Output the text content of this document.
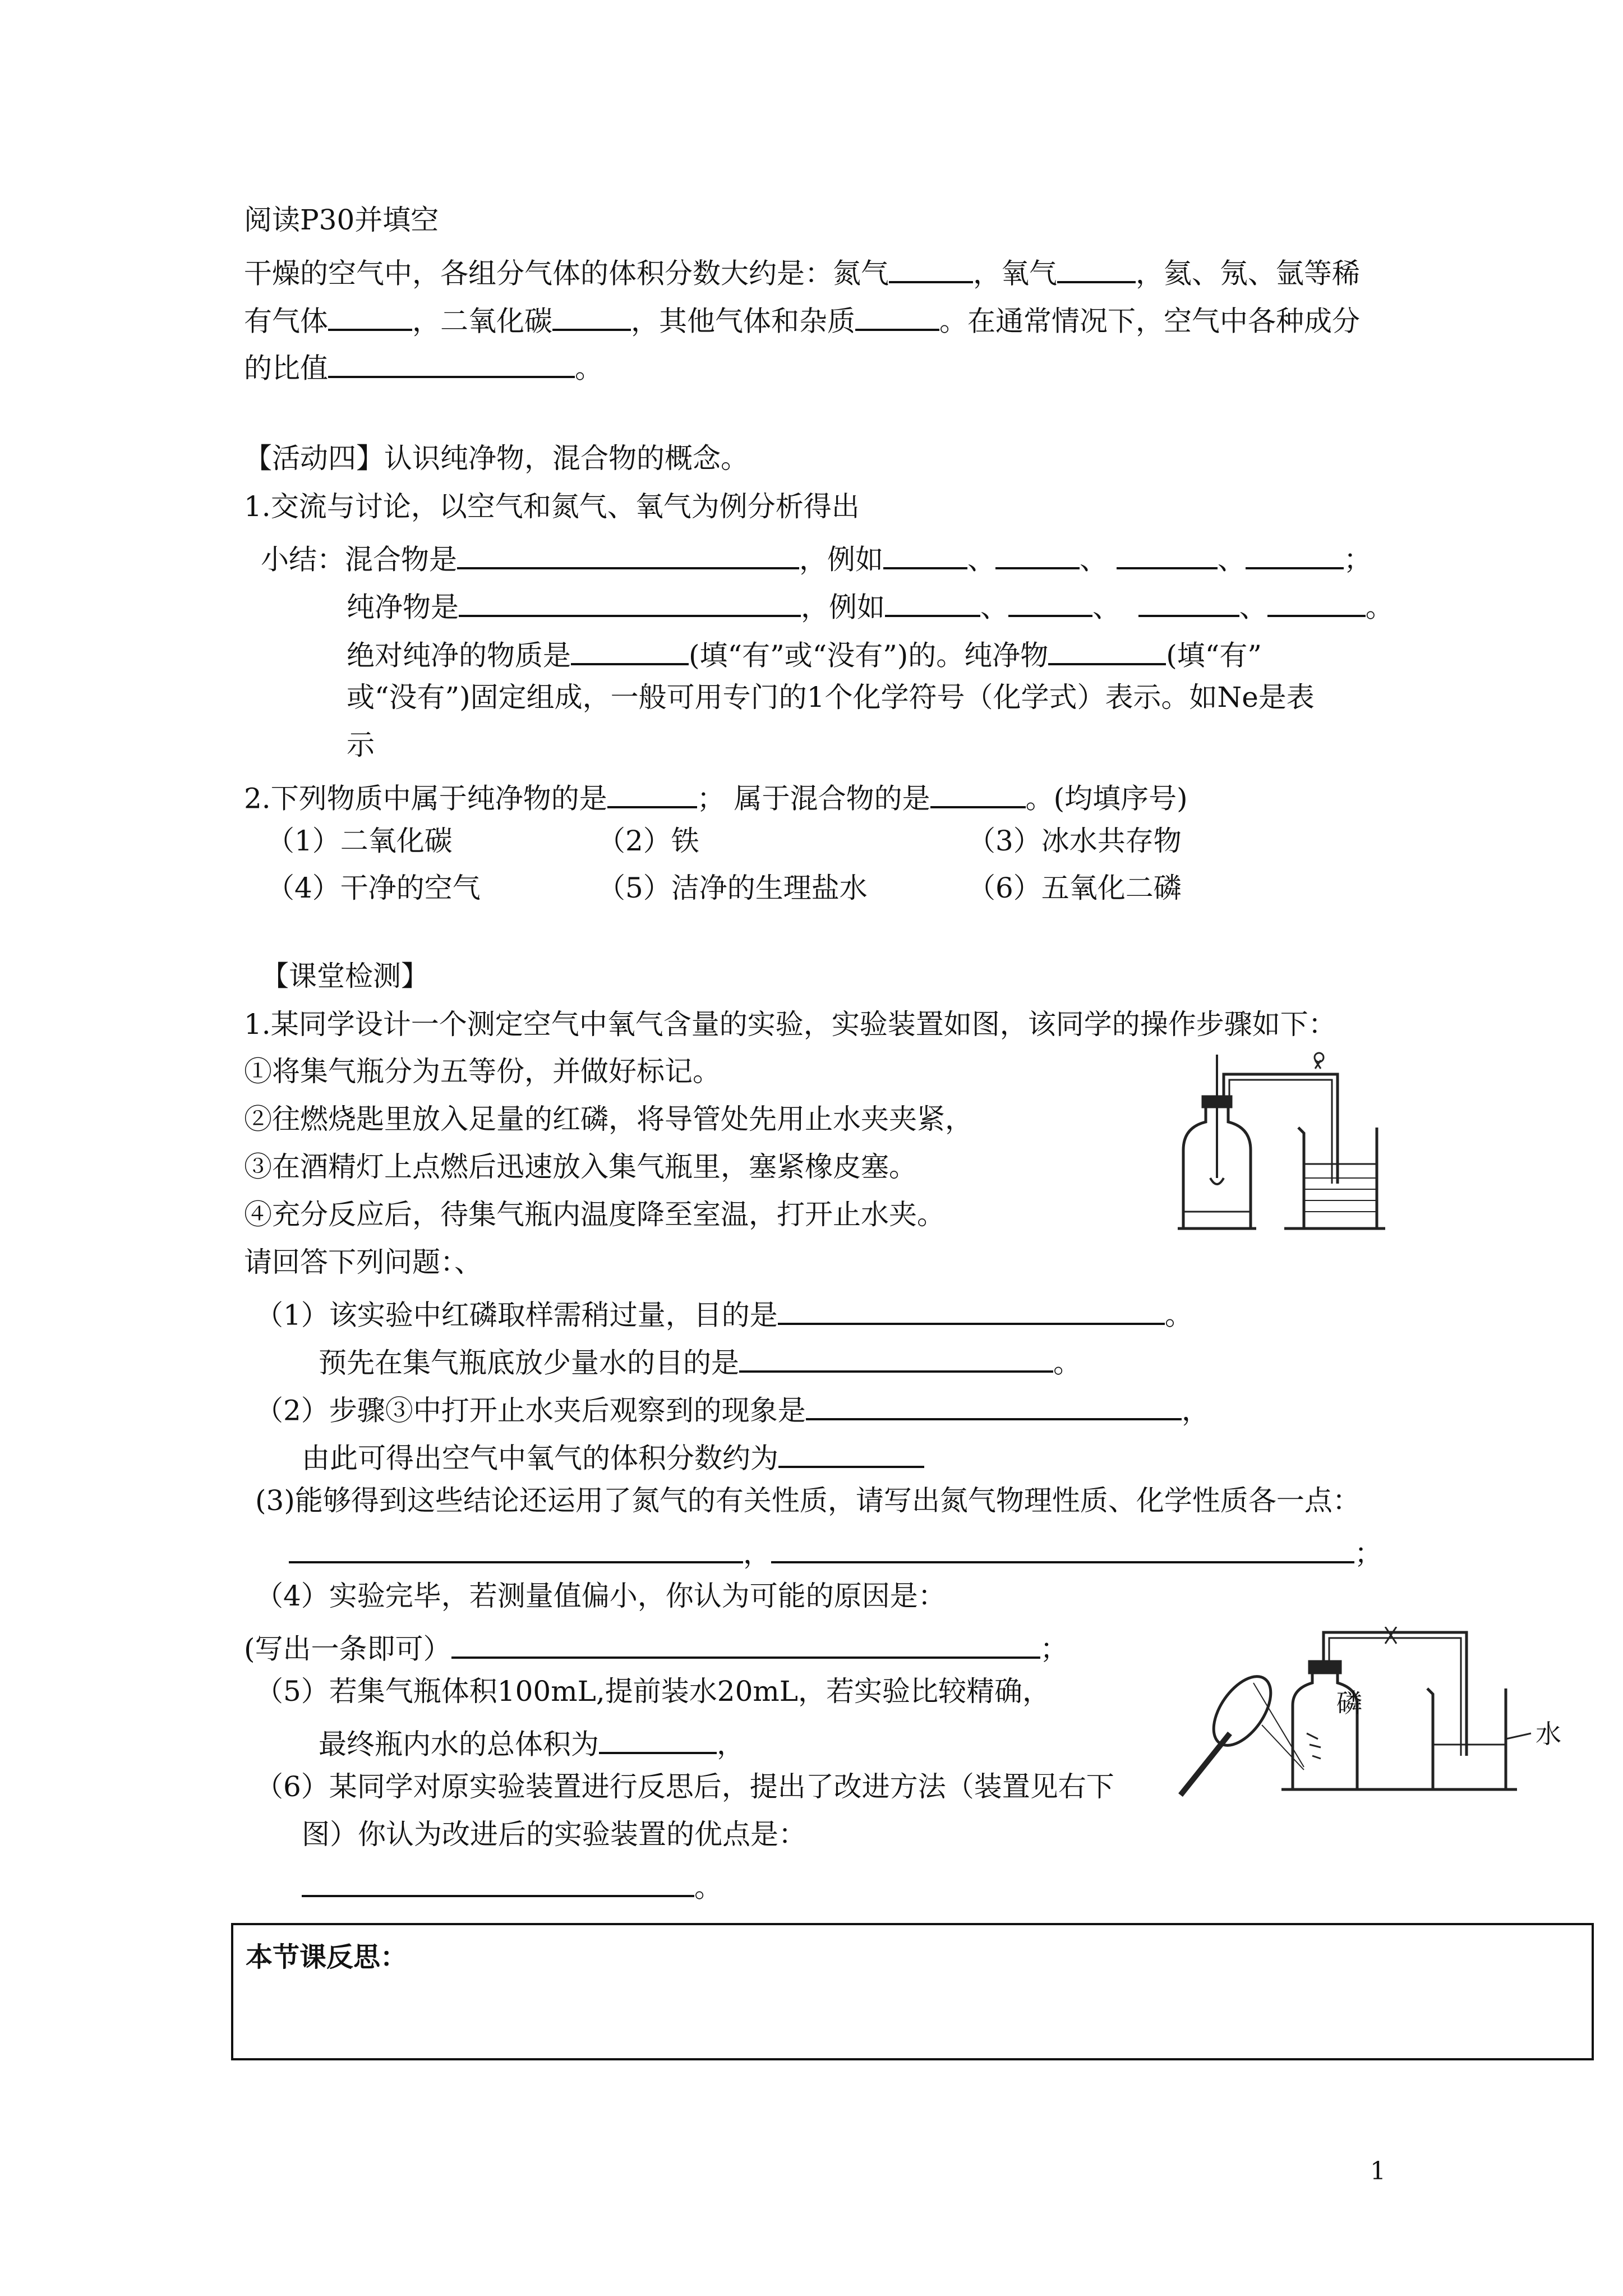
阅读P30并填空
干燥的空气中，各组分气体的体积分数大约是：氮气	，氧气	，氦、氖、氩等稀
有气体	，二氧化碳	，其他气体和杂质	。在通常情况下，空气中各种成分
的比值	。
【活动四】认识纯净物，混合物的概念。
1.交流与讨论，以空气和氮气、氧气为例分析得出
小结：混合物是	，例如	、	、	、	；
纯净物是	，例如	、	、	、	。
绝对纯净的物质是	(填“有”或“没有”)的。纯净物	(填“有”
或“没有”)固定组成，一般可用专门的1个化学符号（化学式）表示。如Ne是表
示
2.下列物质中属于纯净物的是	； 属于混合物的是	。(均填序号)
（1）二氧化碳	（2）铁	（3）冰水共存物
（4）干净的空气	（5）洁净的生理盐水	（6）五氧化二磷
【课堂检测】
1.某同学设计一个测定空气中氧气含量的实验，实验装置如图，该同学的操作步骤如下：
①将集气瓶分为五等份，并做好标记。
②往燃烧匙里放入足量的红磷，将导管处先用止水夹夹紧，
③在酒精灯上点燃后迅速放入集气瓶里，塞紧橡皮塞。
④充分反应后，待集气瓶内温度降至室温，打开止水夹。
请回答下列问题：、
（1）该实验中红磷取样需稍过量，目的是	。
预先在集气瓶底放少量水的目的是	。
（2）步骤③中打开止水夹后观察到的现象是	，
由此可得出空气中氧气的体积分数约为
(3)能够得到这些结论还运用了氮气的有关性质，请写出氮气物理性质、化学性质各一点：
，	；
（4）实验完毕，若测量值偏小，你认为可能的原因是：
(写出一条即可）	；
（5）若集气瓶体积100mL,提前装水20mL，若实验比较精确，
最终瓶内水的总体积为	，
（6）某同学对原实验装置进行反思后，提出了改进方法（装置见右下
图）你认为改进后的实验装置的优点是：
。
磷
水
本节课反思：
1
